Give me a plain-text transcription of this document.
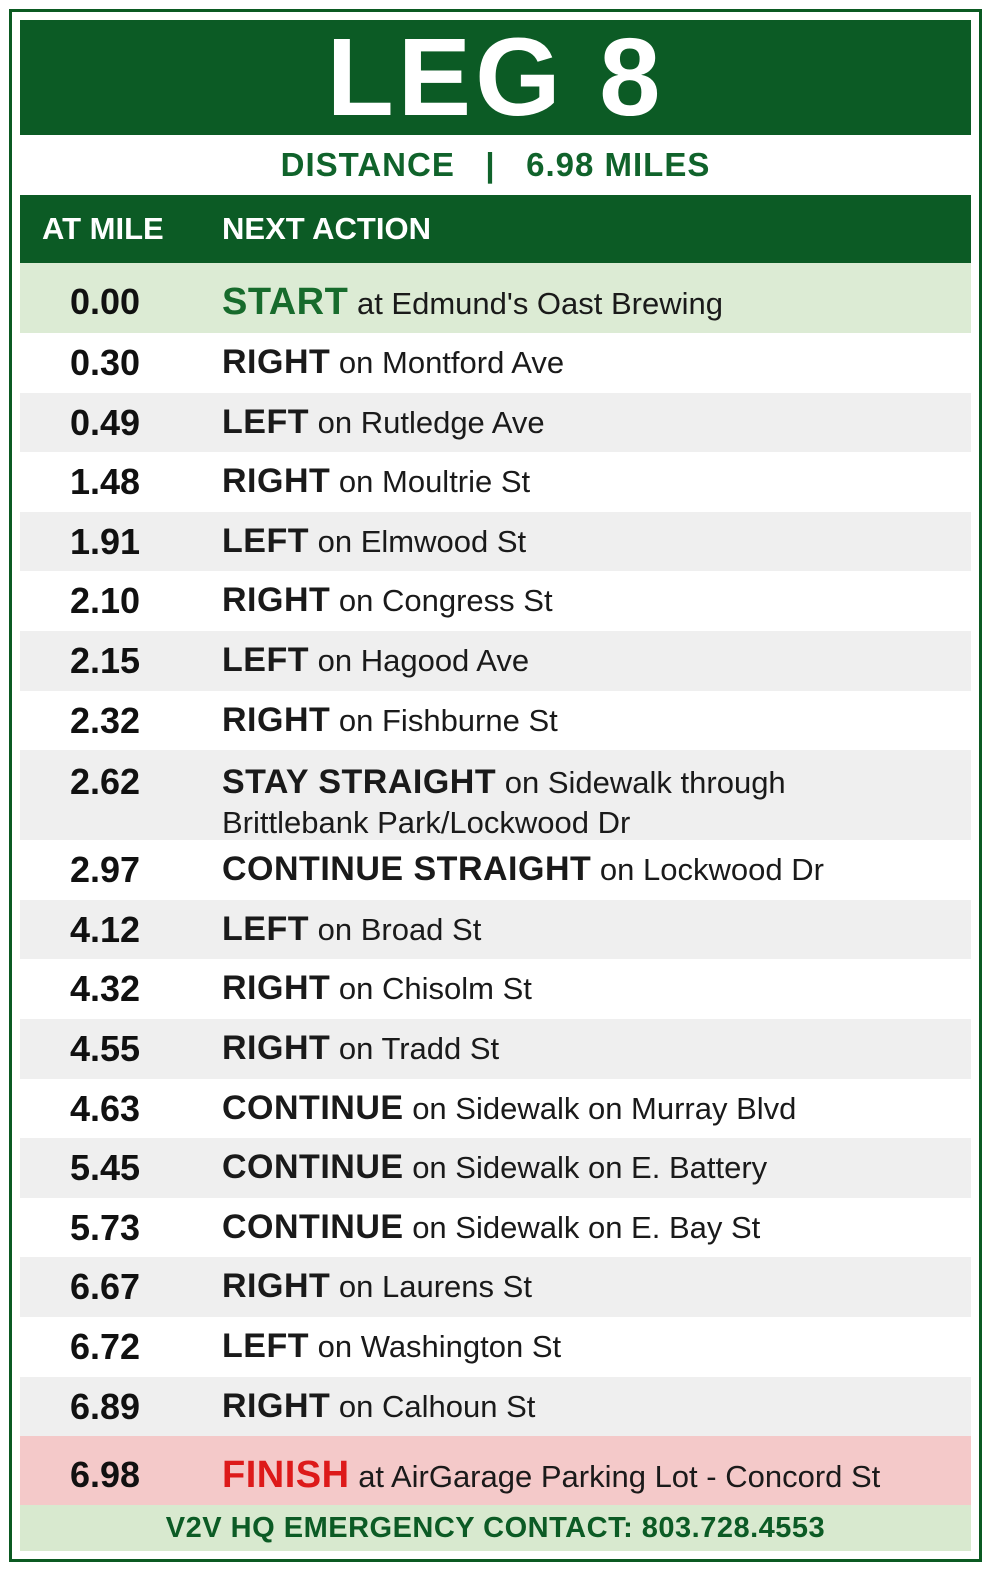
LEG 8
DISTANCE | 6.98 MILES
AT MILE NEXT ACTION
0.00 START at Edmund's Oast Brewing
0.30 RIGHT on Montford Ave
0.49 LEFT on Rutledge Ave
1.48 RIGHT on Moultrie St
1.91 LEFT on Elmwood St
2.10 RIGHT on Congress St
2.15 LEFT on Hagood Ave
2.32 RIGHT on Fishburne St
2.62 STAY STRAIGHT on Sidewalk through
Brittlebank Park/Lockwood Dr
2.97 CONTINUE STRAIGHT on Lockwood Dr
4.12 LEFT on Broad St
4.32 RIGHT on Chisolm St
4.55 RIGHT on Tradd St
4.63 CONTINUE on Sidewalk on Murray Blvd
5.45 CONTINUE on Sidewalk on E. Battery
5.73 CONTINUE on Sidewalk on E. Bay St
6.67 RIGHT on Laurens St
6.72 LEFT on Washington St
6.89 RIGHT on Calhoun St
6.98 FINISH at AirGarage Parking Lot - Concord St
V2V HQ EMERGENCY CONTACT: 803.728.4553
